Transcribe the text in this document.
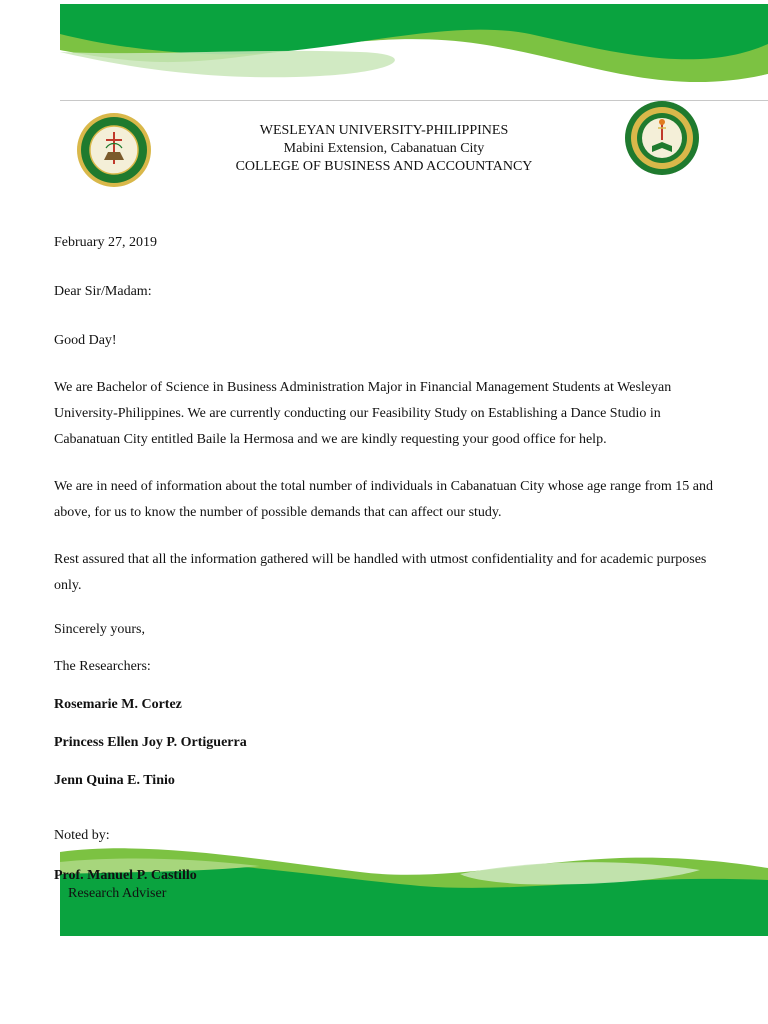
WESLEYAN UNIVERSITY-PHILIPPINES
Mabini Extension, Cabanatuan City
COLLEGE OF BUSINESS AND ACCOUNTANCY
February 27, 2019
Dear Sir/Madam:
Good Day!
We are Bachelor of Science in Business Administration Major in Financial Management Students at Wesleyan
University-Philippines. We are currently conducting our Feasibility Study on Establishing a Dance Studio in
Cabanatuan City entitled Baile la Hermosa and we are kindly requesting your good office for help.
We are in need of information about the total number of individuals in Cabanatuan City whose age range from 15 and
above, for us to know the number of possible demands that can affect our study.
Rest assured that all the information gathered will be handled with utmost confidentiality and for academic purposes
only.
Sincerely yours,
The Researchers:
Rosemarie M. Cortez
Princess Ellen Joy P. Ortiguerra
Jenn Quina E. Tinio
Noted by:
Prof. Manuel P. Castillo
Research Adviser
